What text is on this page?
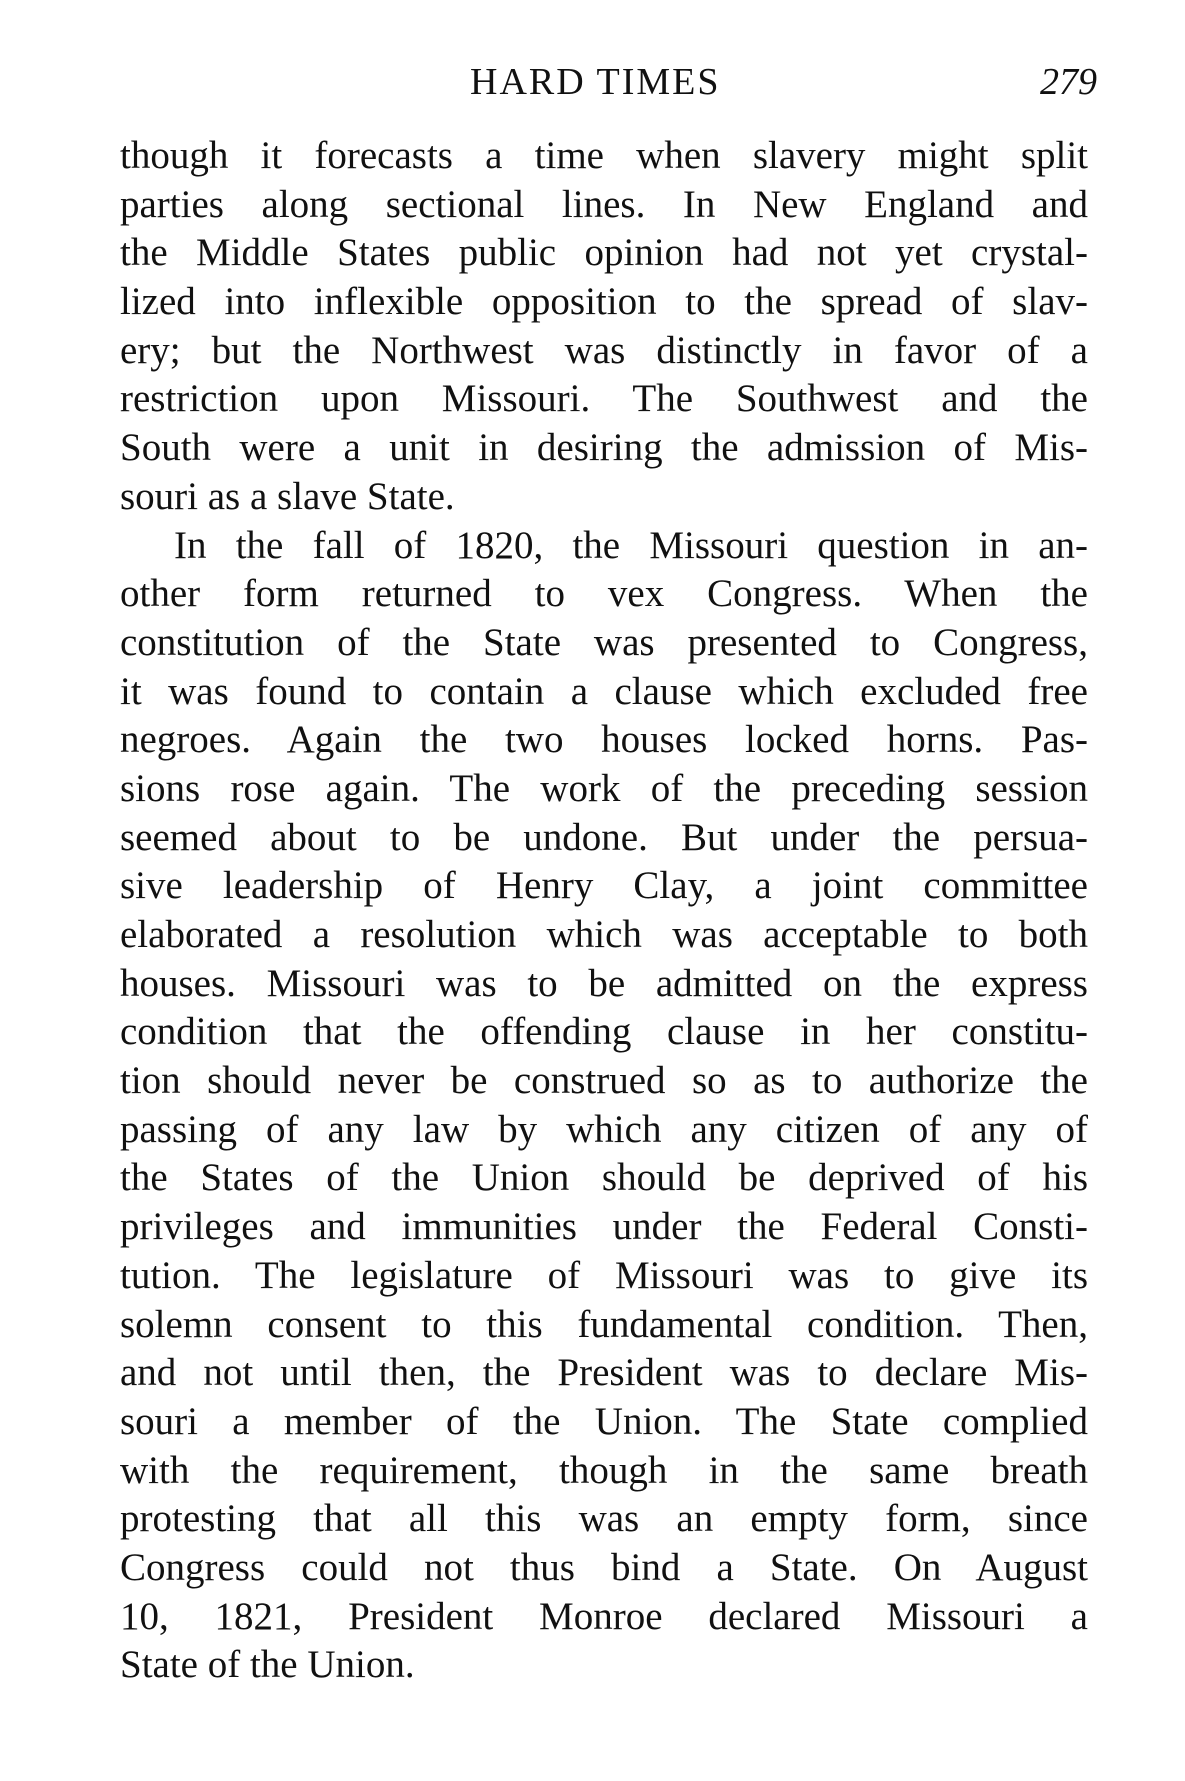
HARD TIMES	279
though it forecasts a time when slavery might split
parties along sectional lines. In New England and
the Middle States public opinion had not yet crystal-
lized into inflexible opposition to the spread of slav-
ery; but the Northwest was distinctly in favor of a
restriction upon Missouri. The Southwest and the
South were a unit in desiring the admission of Mis-
souri as a slave State.
In the fall of 1820, the Missouri question in an-
other form returned to vex Congress. When the
constitution of the State was presented to Congress,
it was found to contain a clause which excluded free
negroes. Again the two houses locked horns. Pas-
sions rose again. The work of the preceding session
seemed about to be undone. But under the persua-
sive leadership of Henry Clay, a joint committee
elaborated a resolution which was acceptable to both
houses. Missouri was to be admitted on the express
condition that the offending clause in her constitu-
tion should never be construed so as to authorize the
passing of any law by which any citizen of any of
the States of the Union should be deprived of his
privileges and immunities under the Federal Consti-
tution. The legislature of Missouri was to give its
solemn consent to this fundamental condition. Then,
and not until then, the President was to declare Mis-
souri a member of the Union. The State complied
with the requirement, though in the same breath
protesting that all this was an empty form, since
Congress could not thus bind a State. On August
10, 1821, President Monroe declared Missouri a
State of the Union.
